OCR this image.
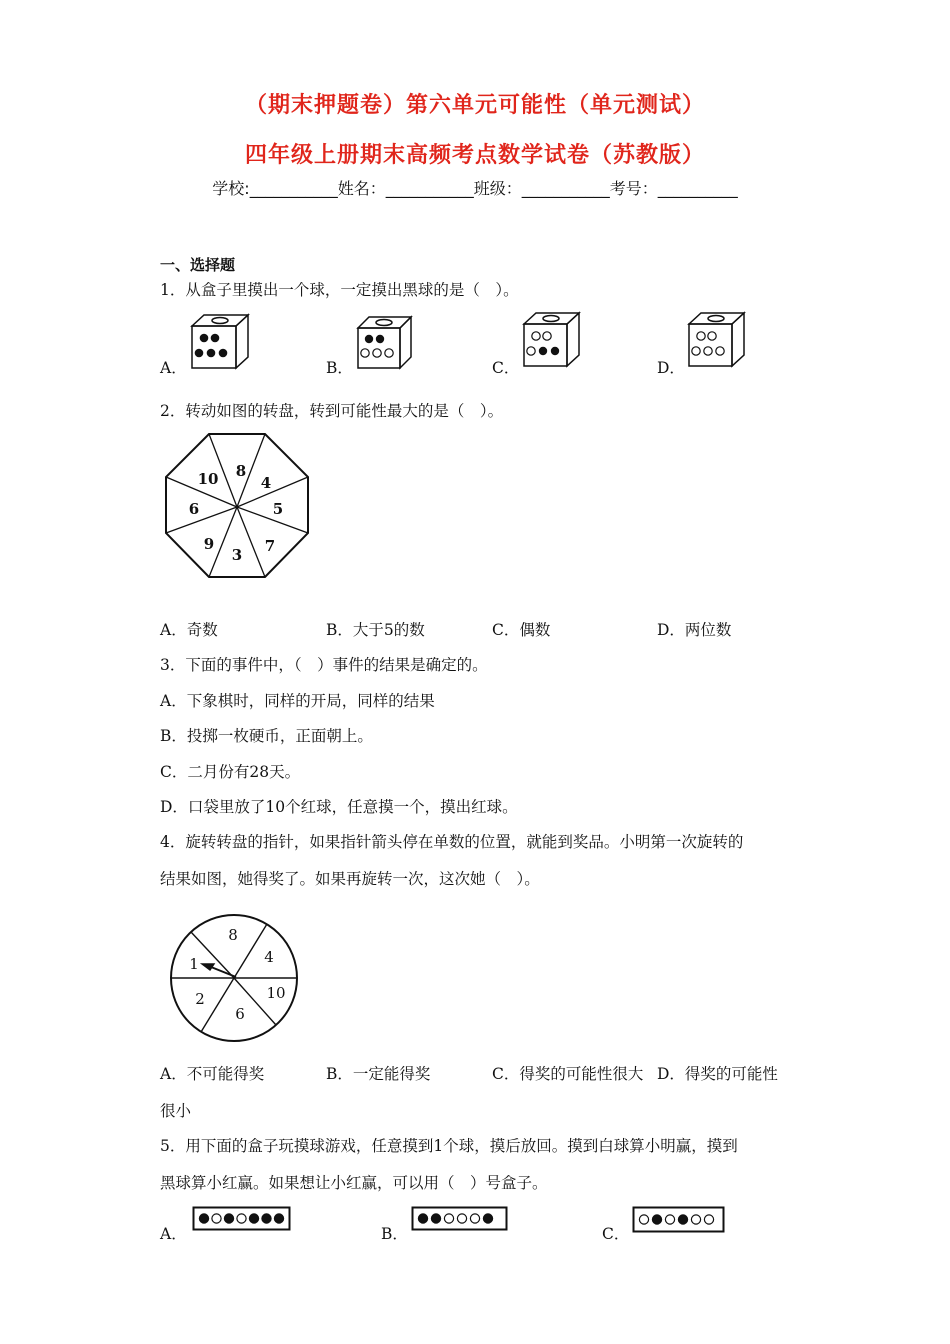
（期末押题卷）第六单元可能性（单元测试）
四年级上册期末高频考点数学试卷（苏教版）
学校:___________姓名：___________班级：___________考号：__________
一、选择题
1．从盒子里摸出一个球，一定摸出黑球的是（　）。
A．	B．	C．	D．
2．转动如图的转盘，转到可能性最大的是（　）。
8
4
5
7
3
9
6
10
A．奇数	B．大于5的数	C．偶数	D．两位数
3．下面的事件中，（　）事件的结果是确定的。
A．下象棋时，同样的开局，同样的结果
B．投掷一枚硬币，正面朝上。
C．二月份有28天。
D．口袋里放了10个红球，任意摸一个，摸出红球。
4．旋转转盘的指针，如果指针箭头停在单数的位置，就能到奖品。小明第一次旋转的
结果如图，她得奖了。如果再旋转一次，这次她（　）。
8
4
10
6
2
1
A．不可能得奖	B．一定能得奖	C．得奖的可能性很大 D．得奖的可能性
很小
5．用下面的盒子玩摸球游戏，任意摸到1个球，摸后放回。摸到白球算小明赢，摸到
黑球算小红赢。如果想让小红赢，可以用（　）号盒子。
A．	B．	C．
